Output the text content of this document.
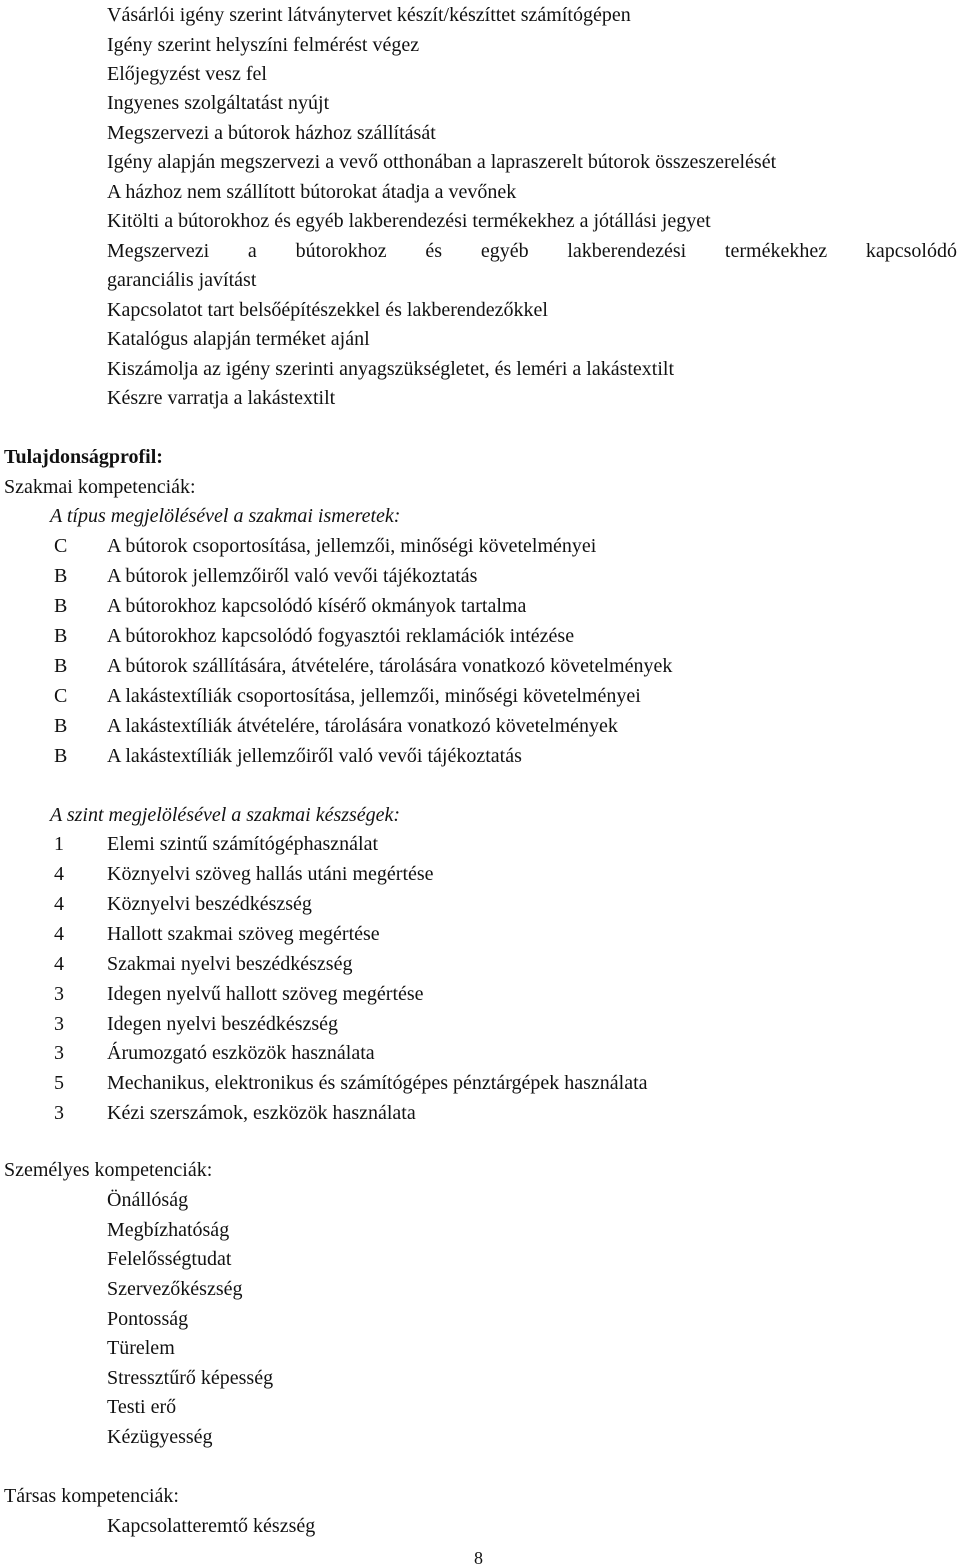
Vásárlói igény szerint látványtervet készít/készíttet számítógépen
Igény szerint helyszíni felmérést végez
Előjegyzést vesz fel
Ingyenes szolgáltatást nyújt
Megszervezi a bútorok házhoz szállítását
Igény alapján megszervezi a vevő otthonában a lapraszerelt bútorok összeszerelését
A házhoz nem szállított bútorokat átadja a vevőnek
Kitölti a bútorokhoz és egyéb lakberendezési termékekhez a jótállási jegyet
Megszervezi a bútorokhoz és egyéb lakberendezési termékekhez kapcsolódó
garanciális javítást
Kapcsolatot tart belsőépítészekkel és lakberendezőkkel
Katalógus alapján terméket ajánl
Kiszámolja az igény szerinti anyagszükségletet, és leméri a lakástextilt
Készre varratja a lakástextilt
Tulajdonságprofil:
Szakmai kompetenciák:
A típus megjelölésével a szakmai ismeretek:
C	A bútorok csoportosítása, jellemzői, minőségi követelményei
B	A bútorok jellemzőiről való vevői tájékoztatás
B	A bútorokhoz kapcsolódó kísérő okmányok tartalma
B	A bútorokhoz kapcsolódó fogyasztói reklamációk intézése
B	A bútorok szállítására, átvételére, tárolására vonatkozó követelmények
C	A lakástextíliák csoportosítása, jellemzői, minőségi követelményei
B	A lakástextíliák átvételére, tárolására vonatkozó követelmények
B	A lakástextíliák jellemzőiről való vevői tájékoztatás
A szint megjelölésével a szakmai készségek:
1	Elemi szintű számítógéphasználat
4	Köznyelvi szöveg hallás utáni megértése
4	Köznyelvi beszédkészség
4	Hallott szakmai szöveg megértése
4	Szakmai nyelvi beszédkészség
3	Idegen nyelvű hallott szöveg megértése
3	Idegen nyelvi beszédkészség
3	Árumozgató eszközök használata
5	Mechanikus, elektronikus és számítógépes pénztárgépek használata
3	Kézi szerszámok, eszközök használata
Személyes kompetenciák:
Önállóság
Megbízhatóság
Felelősségtudat
Szervezőkészség
Pontosság
Türelem
Stressztűrő képesség
Testi erő
Kézügyesség
Társas kompetenciák:
Kapcsolatteremtő készség
8
